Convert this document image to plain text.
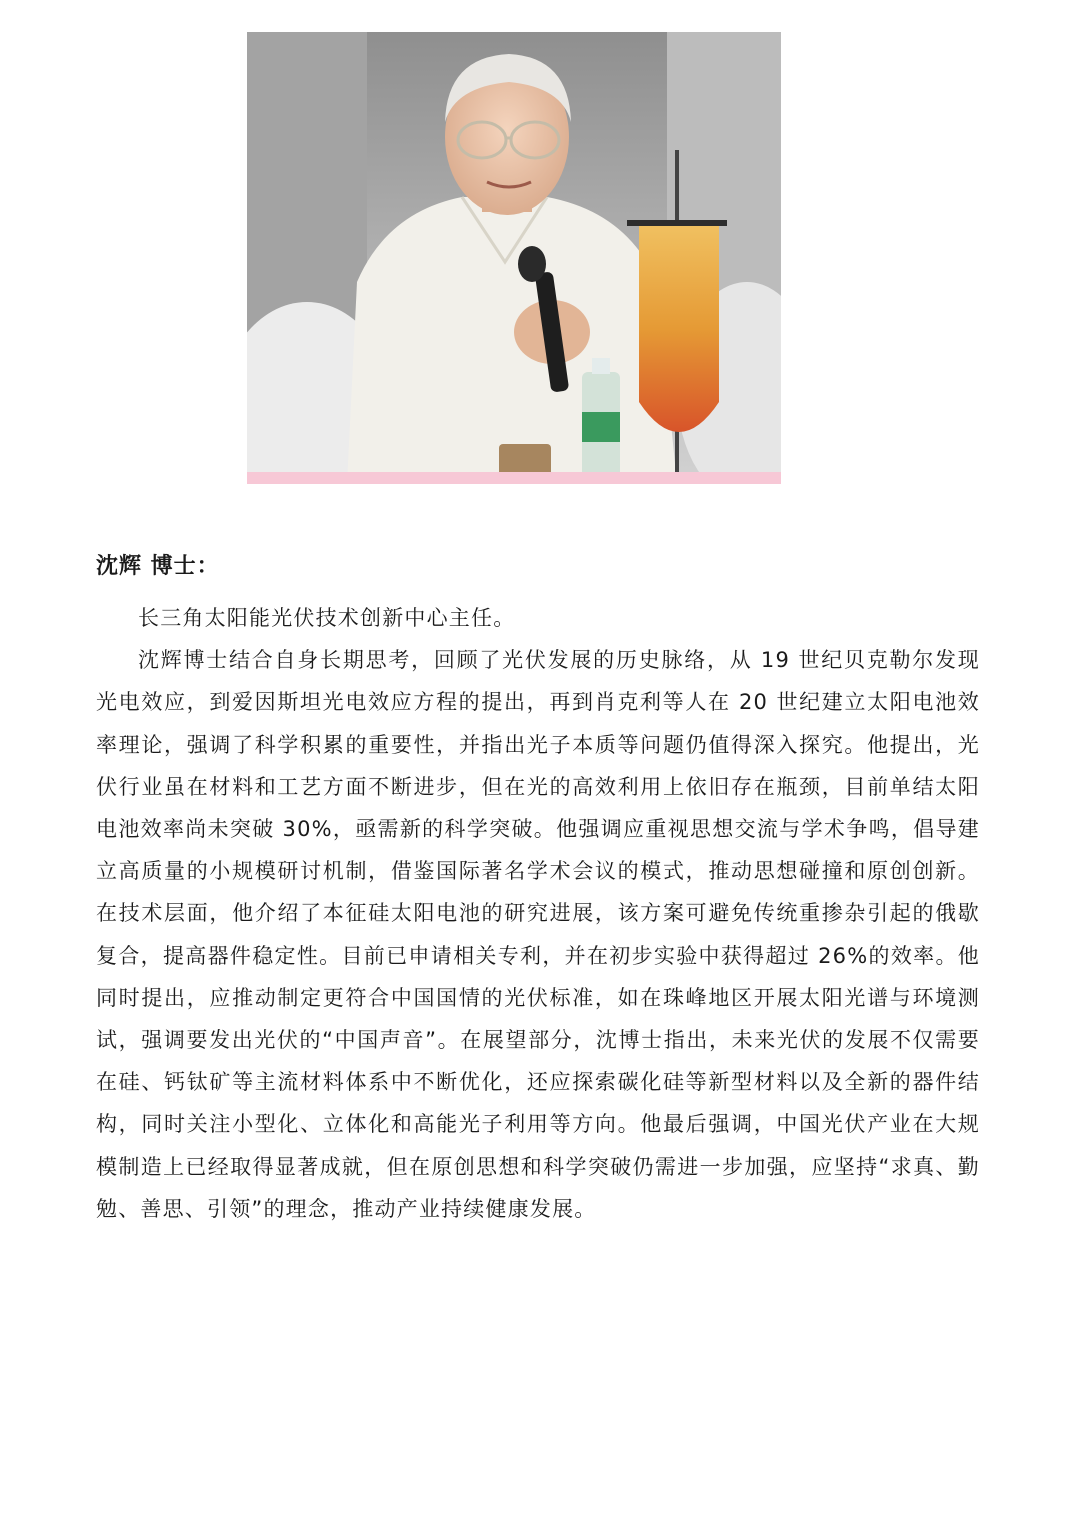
沈辉 博士：

长三角太阳能光伏技术创新中心主任。

沈辉博士结合自身长期思考，回顾了光伏发展的历史脉络，从 19 世纪贝克勒尔发现光电效应，到爱因斯坦光电效应方程的提出，再到肖克利等人在 20 世纪建立太阳电池效率理论，强调了科学积累的重要性，并指出光子本质等问题仍值得深入探究。他提出，光伏行业虽在材料和工艺方面不断进步，但在光的高效利用上依旧存在瓶颈，目前单结太阳电池效率尚未突破 30%，亟需新的科学突破。他强调应重视思想交流与学术争鸣，倡导建立高质量的小规模研讨机制，借鉴国际著名学术会议的模式，推动思想碰撞和原创创新。在技术层面，他介绍了本征硅太阳电池的研究进展，该方案可避免传统重掺杂引起的俄歇复合，提高器件稳定性。目前已申请相关专利，并在初步实验中获得超过 26%的效率。他同时提出，应推动制定更符合中国国情的光伏标准，如在珠峰地区开展太阳光谱与环境测试，强调要发出光伏的“中国声音”。在展望部分，沈博士指出，未来光伏的发展不仅需要在硅、钙钛矿等主流材料体系中不断优化，还应探索碳化硅等新型材料以及全新的器件结构，同时关注小型化、立体化和高能光子利用等方向。他最后强调，中国光伏产业在大规模制造上已经取得显著成就，但在原创思想和科学突破仍需进一步加强，应坚持“求真、勤勉、善思、引领”的理念，推动产业持续健康发展。
